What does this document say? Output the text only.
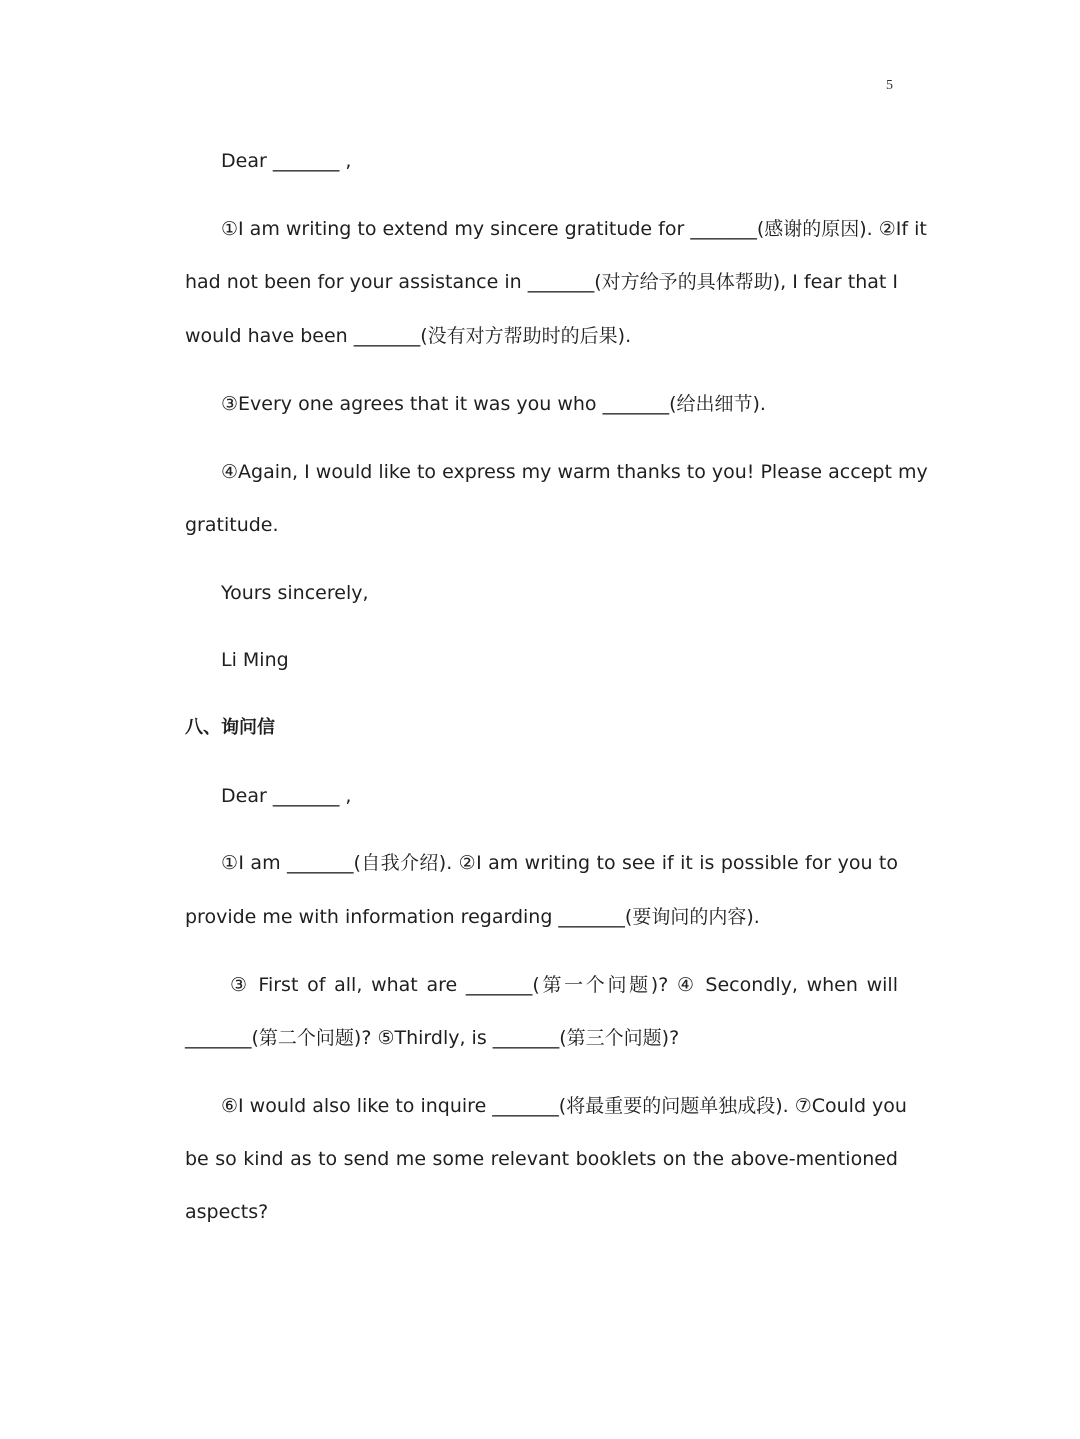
5
Dear _______ ,
①I am writing to extend my sincere gratitude for _______(感谢的原因). ②If it
had not been for your assistance in _______(对方给予的具体帮助), I fear that I
would have been _______(没有对方帮助时的后果).
③Every one agrees that it was you who _______(给出细节).
④Again, I would like to express my warm thanks to you! Please accept my
gratitude.
Yours sincerely,
Li Ming
八、询问信
Dear _______ ,
①I am _______(自我介绍). ②I am writing to see if it is possible for you to
provide me with information regarding _______(要询问的内容).
③ First of all, what are _______(第一个问题)? ④ Secondly, when will
_______(第二个问题)? ⑤Thirdly, is _______(第三个问题)?
⑥I would also like to inquire _______(将最重要的问题单独成段). ⑦Could you
be so kind as to send me some relevant booklets on the above-mentioned
aspects?
